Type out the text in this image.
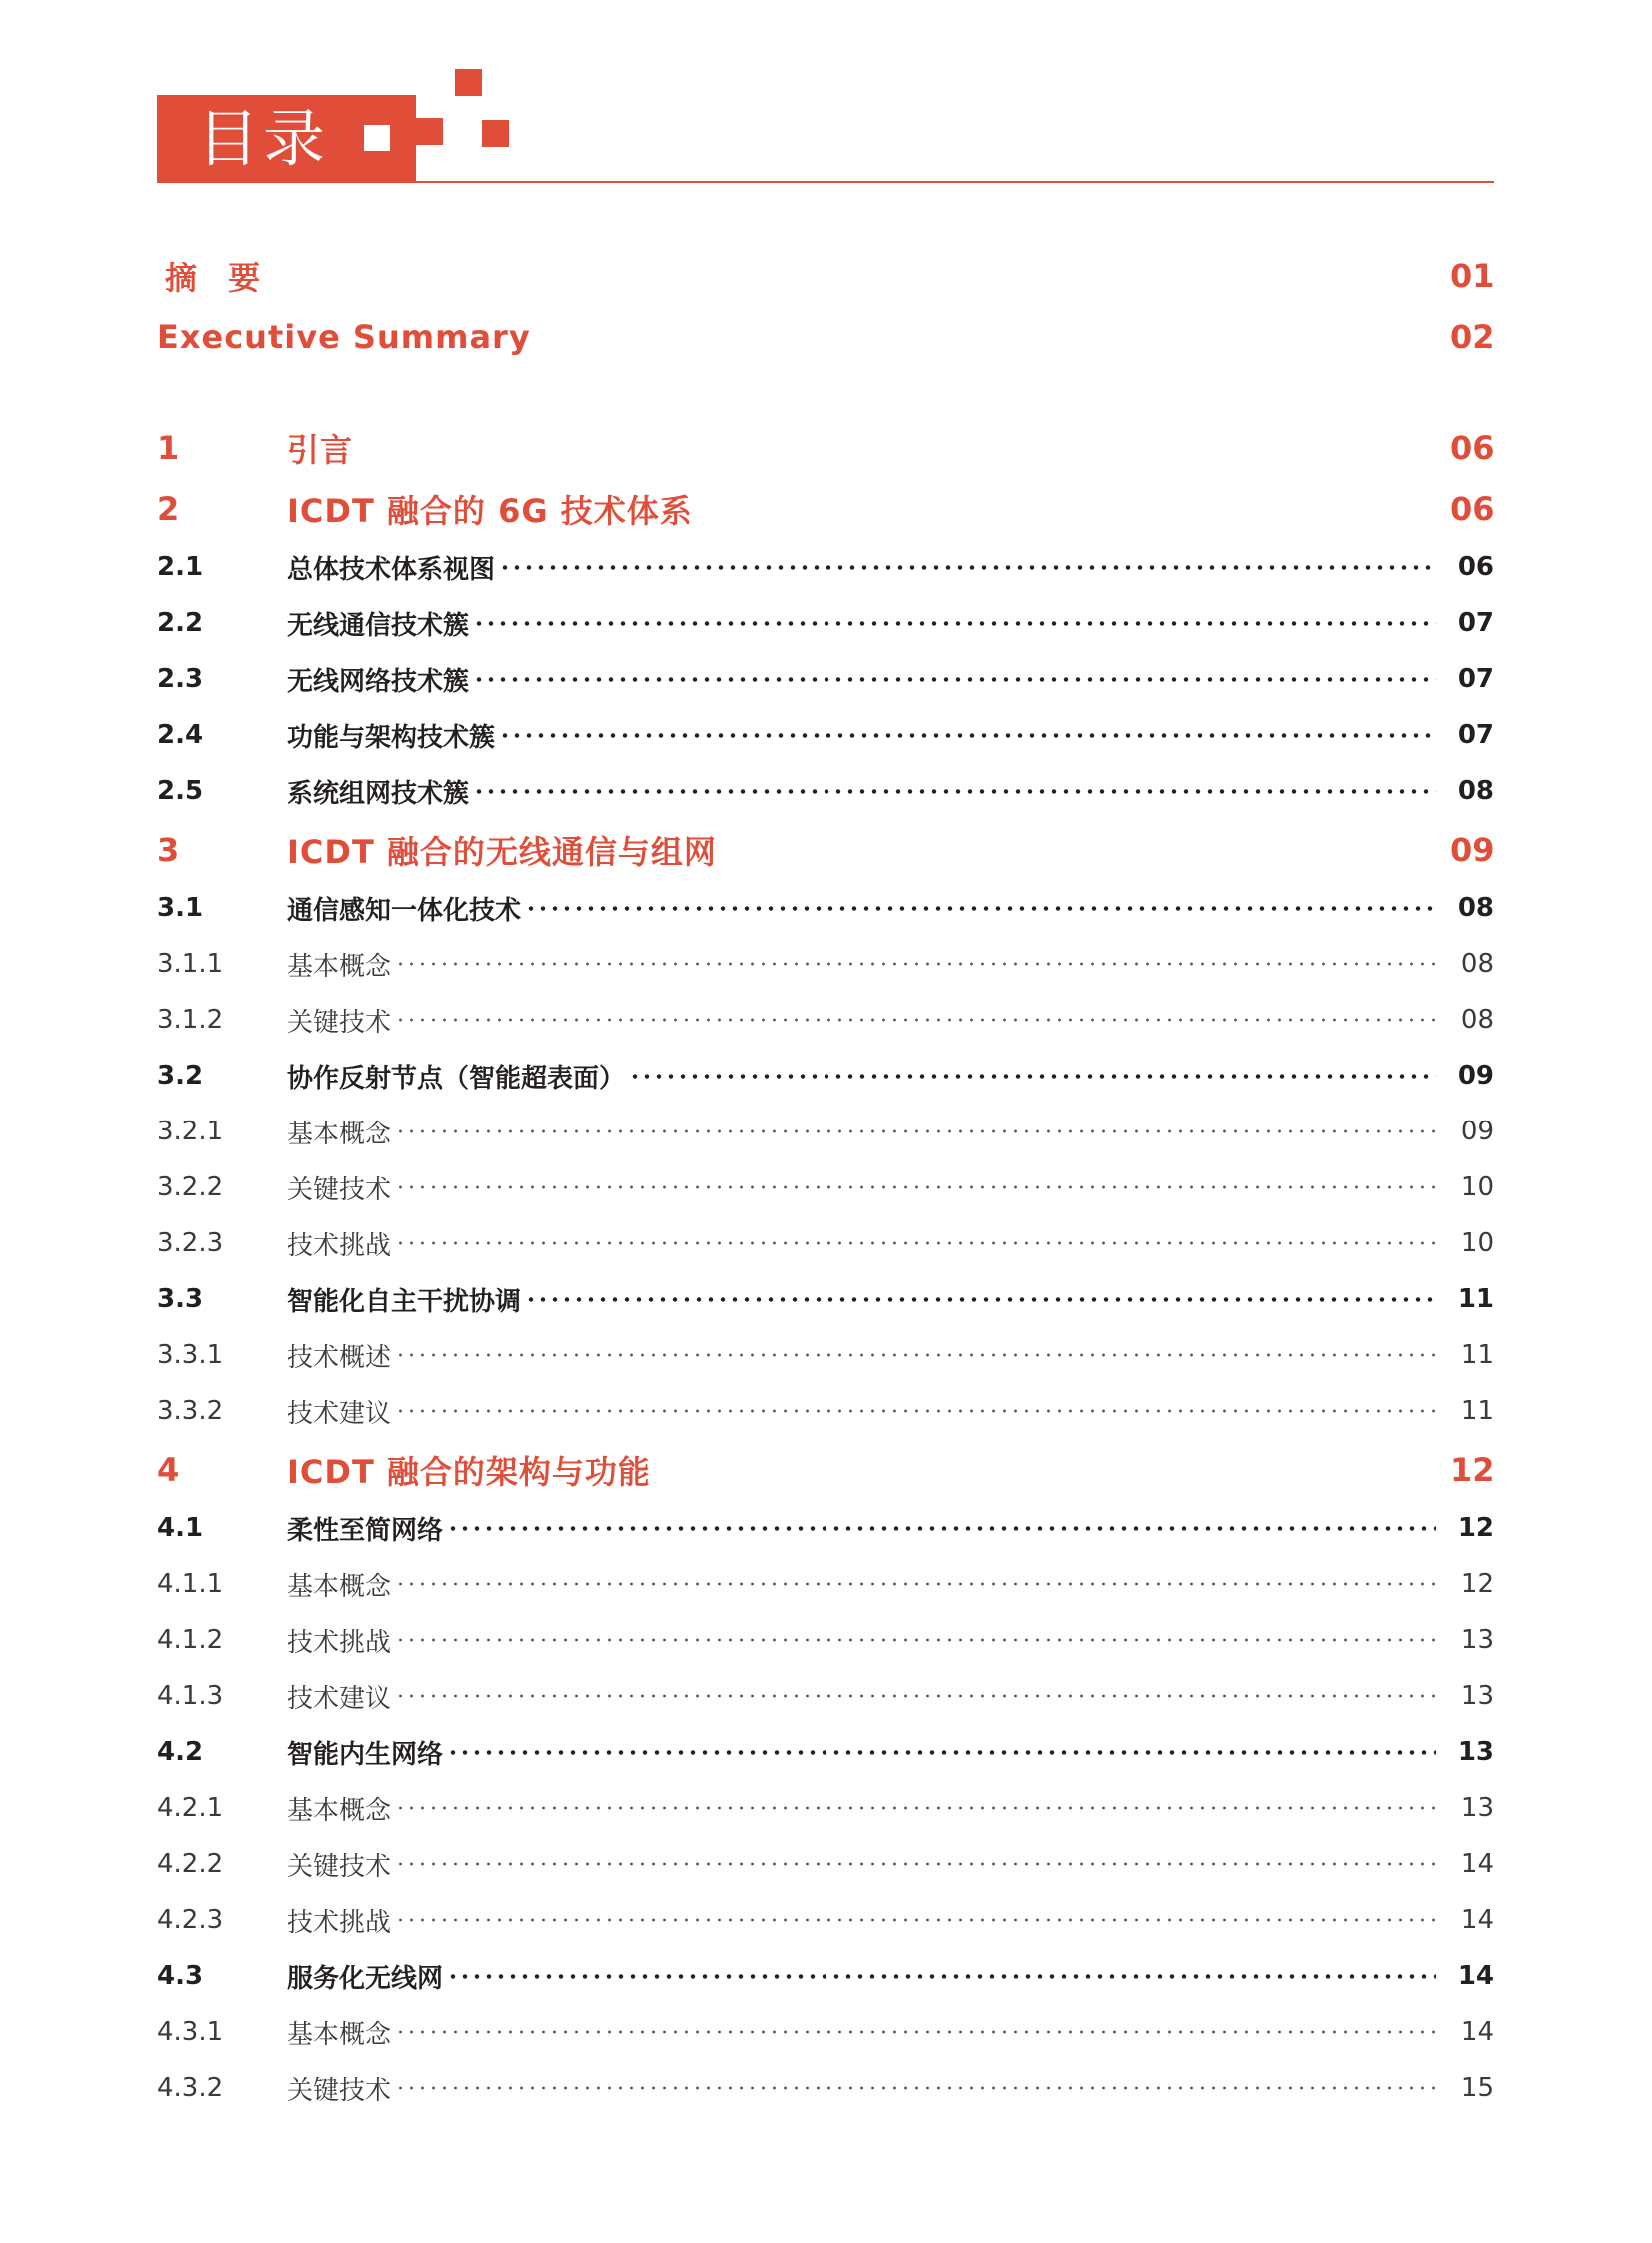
目录
摘 要	01
Executive Summary	02
1	引言	06
2	ICDT 融合的 6G 技术体系	06
2.1	总体技术体系视图	06
2.2	无线通信技术簇	07
2.3	无线网络技术簇	07
2.4	功能与架构技术簇	07
2.5	系统组网技术簇	08
3	ICDT 融合的无线通信与组网	09
3.1	通信感知一体化技术	08
3.1.1	基本概念	08
3.1.2	关键技术	08
3.2	协作反射节点（智能超表面）	09
3.2.1	基本概念	09
3.2.2	关键技术	10
3.2.3	技术挑战	10
3.3	智能化自主干扰协调	11
3.3.1	技术概述	11
3.3.2	技术建议	11
4	ICDT 融合的架构与功能	12
4.1	柔性至简网络	12
4.1.1	基本概念	12
4.1.2	技术挑战	13
4.1.3	技术建议	13
4.2	智能内生网络	13
4.2.1	基本概念	13
4.2.2	关键技术	14
4.2.3	技术挑战	14
4.3	服务化无线网	14
4.3.1	基本概念	14
4.3.2	关键技术	15
